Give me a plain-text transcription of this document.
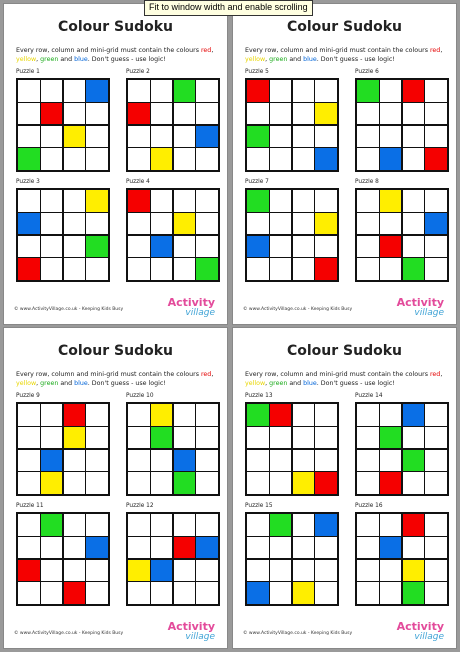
Fit to window width and enable scrolling
Colour Sudoku
Every row, column and mini-grid must contain the colours red, yellow, green and blue. Don't guess - use logic!
Puzzle 1	Puzzle 2
Puzzle 3	Puzzle 4
© www.ActivityVillage.co.uk - Keeping Kids Busy
Activity
village
Colour Sudoku
Every row, column and mini-grid must contain the colours red, yellow, green and blue. Don't guess - use logic!
Puzzle 5	Puzzle 6
Puzzle 7	Puzzle 8
© www.ActivityVillage.co.uk - Keeping Kids Busy
Activity
village
Colour Sudoku
Every row, column and mini-grid must contain the colours red, yellow, green and blue. Don't guess - use logic!
Puzzle 9	Puzzle 10
Puzzle 11	Puzzle 12
© www.ActivityVillage.co.uk - Keeping Kids Busy
Activity
village
Colour Sudoku
Every row, column and mini-grid must contain the colours red, yellow, green and blue. Don't guess - use logic!
Puzzle 13	Puzzle 14
Puzzle 15	Puzzle 16
© www.ActivityVillage.co.uk - Keeping Kids Busy
Activity
village
